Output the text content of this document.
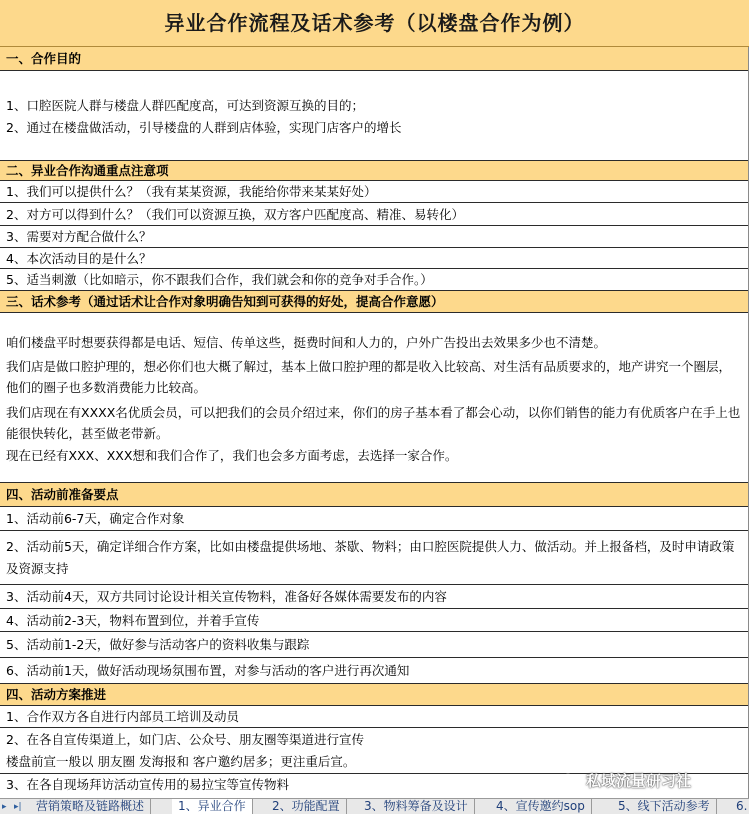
异业合作流程及话术参考（以楼盘合作为例）
一、合作目的
1、口腔医院人群与楼盘人群匹配度高，可达到资源互换的目的；
2、通过在楼盘做活动，引导楼盘的人群到店体验，实现门店客户的增长
二、异业合作沟通重点注意项
1、我们可以提供什么？（我有某某资源，我能给你带来某某好处）
2、对方可以得到什么？（我们可以资源互换，双方客户匹配度高、精准、易转化）
3、需要对方配合做什么？
4、本次活动目的是什么？
5、适当刺激（比如暗示，你不跟我们合作，我们就会和你的竞争对手合作。）
三、话术参考（通过话术让合作对象明确告知到可获得的好处，提高合作意愿）
咱们楼盘平时想要获得都是电话、短信、传单这些，挺费时间和人力的，户外广告投出去效果多少也不清楚。
我们店是做口腔护理的，想必你们也大概了解过，基本上做口腔护理的都是收入比较高、对生活有品质要求的，地产讲究一个圈层，他们的圈子也多数消费能力比较高。
我们店现在有XXXX名优质会员，可以把我们的会员介绍过来，你们的房子基本看了都会心动，以你们销售的能力有优质客户在手上也能很快转化，甚至做老带新。
现在已经有XXX、XXX想和我们合作了，我们也会多方面考虑，去选择一家合作。
四、活动前准备要点
1、活动前6-7天，确定合作对象
2、活动前5天，确定详细合作方案，比如由楼盘提供场地、茶歇、物料；由口腔医院提供人力、做活动。并上报备档，及时申请政策及资源支持
3、活动前4天，双方共同讨论设计相关宣传物料，准备好各媒体需要发布的内容
4、活动前2-3天，物料布置到位，并着手宣传
5、活动前1-2天，做好参与活动客户的资料收集与跟踪
6、活动前1天，做好活动现场氛围布置，对参与活动的客户进行再次通知
四、活动方案推进
1、合作双方各自进行内部员工培训及动员
2、在各自宣传渠道上，如门店、公众号、朋友圈等渠道进行宣传
楼盘前宣一般以 朋友圈 发海报和 客户邀约居多；更注重后宣。
3、在各自现场拜访活动宣传用的易拉宝等宣传物料	私域流量研习社
▸ ▸|	营销策略及链路概述	1、异业合作	2、功能配置	3、物料筹备及设计	4、宣传邀约sop	5、线下活动参考	6.
